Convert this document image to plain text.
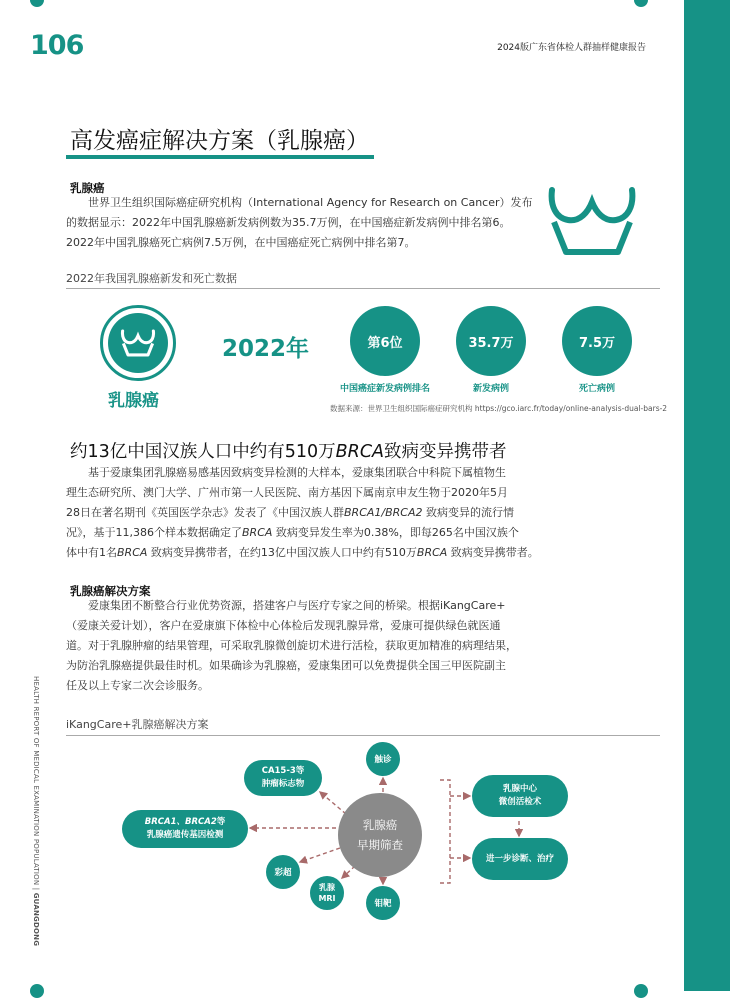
106	2024版广东省体检人群抽样健康报告
HEALTH REPORT OF MEDICAL EXAMINATION POPULATION | GUANGDONG
高发癌症解决方案（乳腺癌）
乳腺癌
世界卫生组织国际癌症研究机构（International Agency for Research on Cancer）发布
的数据显示：2022年中国乳腺癌新发病例数为35.7万例，在中国癌症新发病例中排名第6。
2022年中国乳腺癌死亡病例7.5万例，在中国癌症死亡病例中排名第7。
2022年我国乳腺癌新发和死亡数据
乳腺癌
2022年	第6位	35.7万	7.5万
中国癌症新发病例排名	新发病例	死亡病例
数据来源：世界卫生组织国际癌症研究机构 https://gco.iarc.fr/today/online-analysis-dual-bars-2
约13亿中国汉族人口中约有510万BRCA致病变异携带者
基于爱康集团乳腺癌易感基因致病变异检测的大样本，爱康集团联合中科院下属植物生
理生态研究所、澳门大学、广州市第一人民医院、南方基因下属南京申友生物于2020年5月
28日在著名期刊《英国医学杂志》发表了《中国汉族人群BRCA1/BRCA2 致病变异的流行情
况》，基于11,386个样本数据确定了BRCA 致病变异发生率为0.38%，即每265名中国汉族个
体中有1名BRCA 致病变异携带者，在约13亿中国汉族人口中约有510万BRCA 致病变异携带者。
乳腺癌解决方案
爱康集团不断整合行业优势资源，搭建客户与医疗专家之间的桥梁。根据iKangCare+
（爱康关爱计划），客户在爱康旗下体检中心体检后发现乳腺异常，爱康可提供绿色就医通
道。对于乳腺肿瘤的结果管理，可采取乳腺微创旋切术进行活检，获取更加精准的病理结果，
为防治乳腺癌提供最佳时机。如果确诊为乳腺癌，爱康集团可以免费提供全国三甲医院副主
任及以上专家二次会诊服务。
iKangCare+乳腺癌解决方案
乳腺癌
早期筛查
CA15-3等
肿瘤标志物
触诊
BRCA1、BRCA2等
乳腺癌遗传基因检测
彩超
乳腺
MRI
钼靶
乳腺中心
微创活检术
进一步诊断、治疗
